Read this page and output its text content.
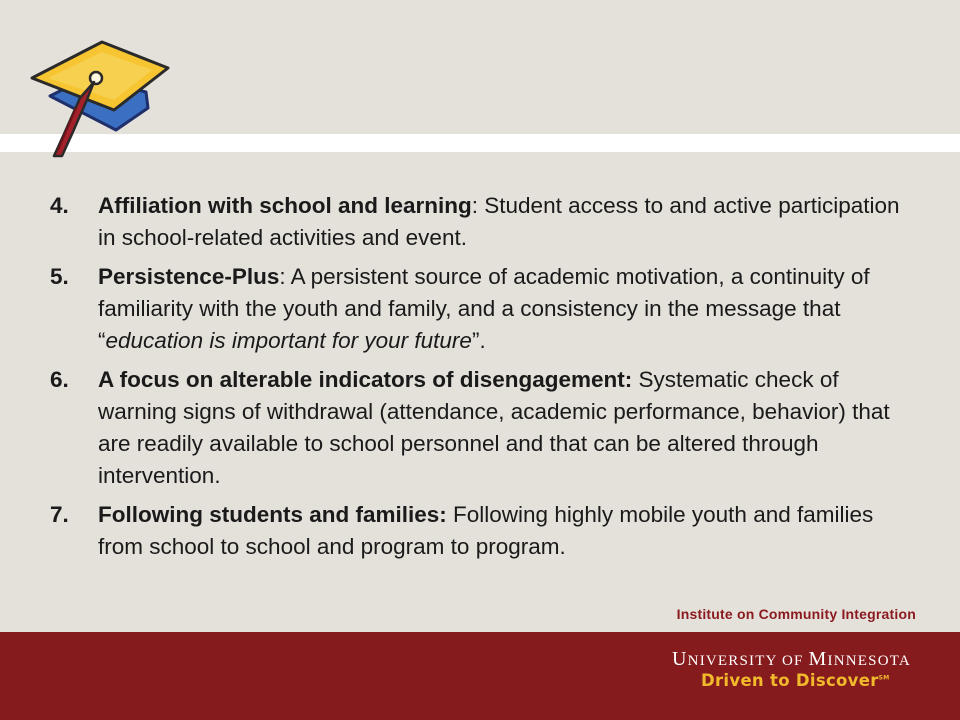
4.	Affiliation with school and learning: Student access to and active participation in school-related activities and event.
5.	Persistence-Plus: A persistent source of academic motivation, a continuity of familiarity with the youth and family, and a consistency in the message that “education is important for your future”.
6.	A focus on alterable indicators of disengagement: Systematic check of warning signs of withdrawal (attendance, academic performance, behavior) that are readily available to school personnel and that can be altered through intervention.
7.	Following students and families: Following highly mobile youth and families from school to school and program to program.
Institute on Community Integration
UNIVERSITY OF MINNESOTA
Driven to Discover℠
